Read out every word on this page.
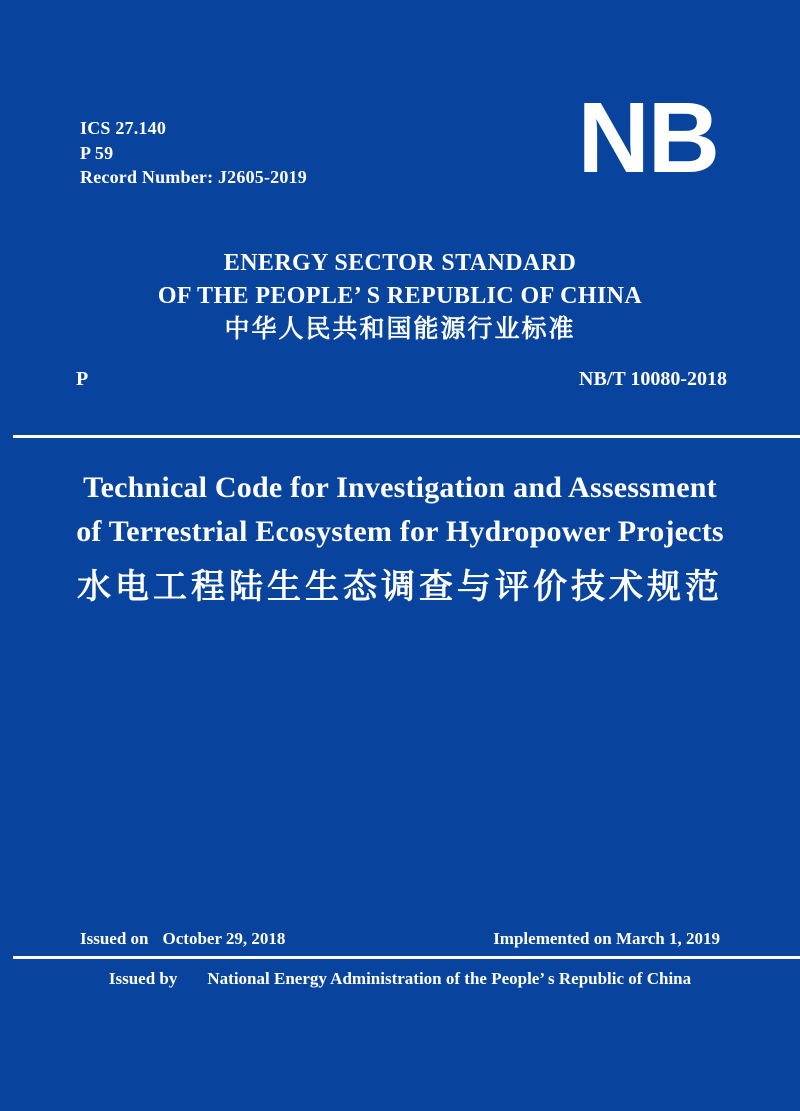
ICS 27.140
P 59
Record Number: J2605-2019	NB
ENERGY SECTOR STANDARD
OF THE PEOPLE’ S REPUBLIC OF CHINA
中华人民共和国能源行业标准
P	NB/T 10080-2018
Technical Code for Investigation and Assessment
of Terrestrial Ecosystem for Hydropower Projects
水电工程陆生生态调查与评价技术规范
Issued on October 29, 2018	Implemented on March 1, 2019
Issued by National Energy Administration of the People’ s Republic of China
